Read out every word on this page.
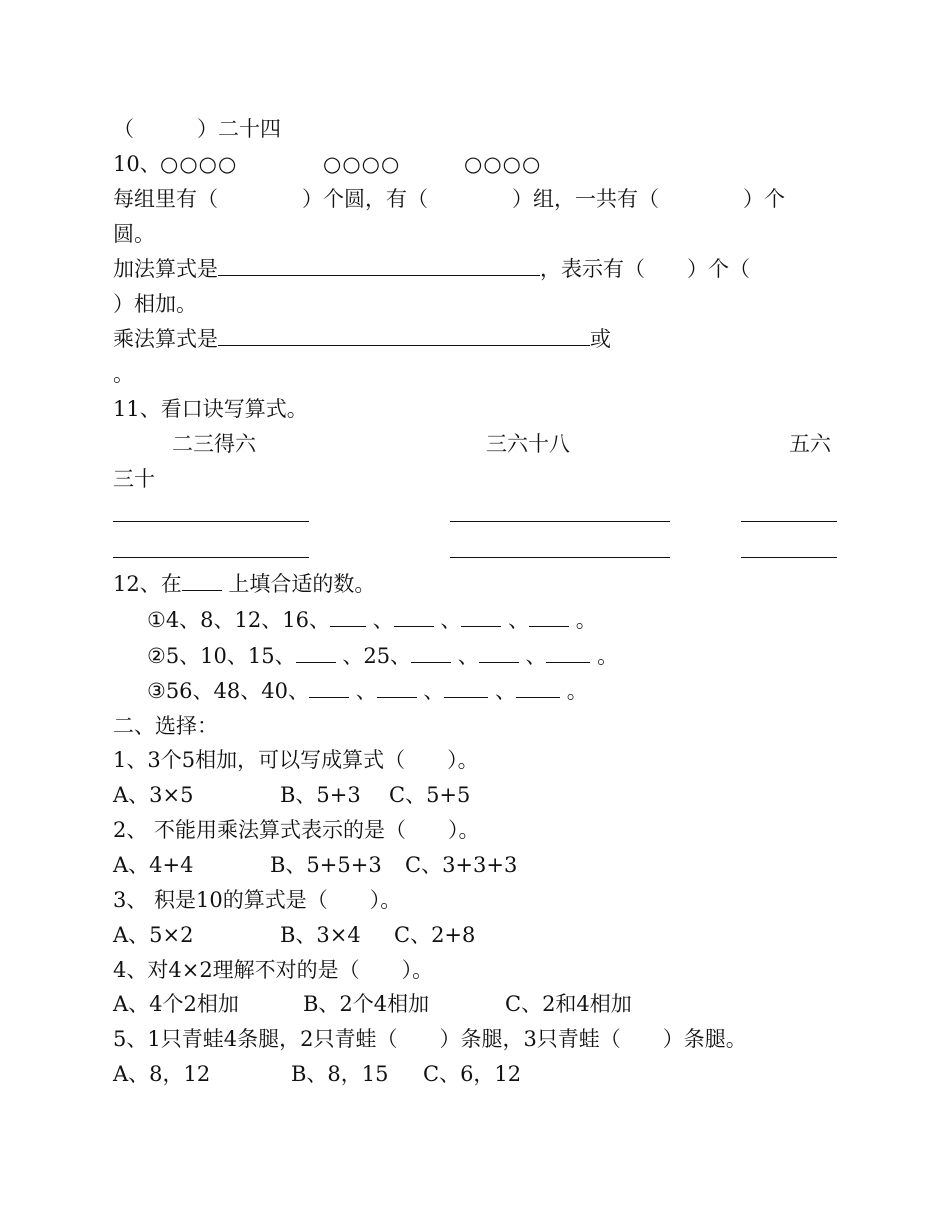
（　　　）二十四
10、 ○○○○	○○○○	○○○○
每组里有（　　　　）个圆，有（　　　　）组，一共有（　　　　）个
圆。
加法算式是	，表示有（　　）个（
）相加。
乘法算式是	或
。
11、看口诀写算式。
二三得六	三六十八	五六
三十
12、在 上填合适的数。
①4、8、12、16、 、 、 、 。
②5、10、15、 、25、 、 、 。
③56、48、40、 、 、 、 。
二、选择：
1、3个5相加，可以写成算式（　　）。
A、3×5	B、5+3 C、5+5
2、 不能用乘法算式表示的是（　　）。
A、4+4	B、5+5+3 C、3+3+3
3、 积是10的算式是（　　）。
A、5×2	B、3×4 C、2+8
4、对4×2理解不对的是（　　）。
A、4个2相加	B、2个4相加	C、2和4相加
5、1只青蛙4条腿，2只青蛙（　　）条腿，3只青蛙（　　）条腿。
A、8，12	B、8，15 C、6，12
